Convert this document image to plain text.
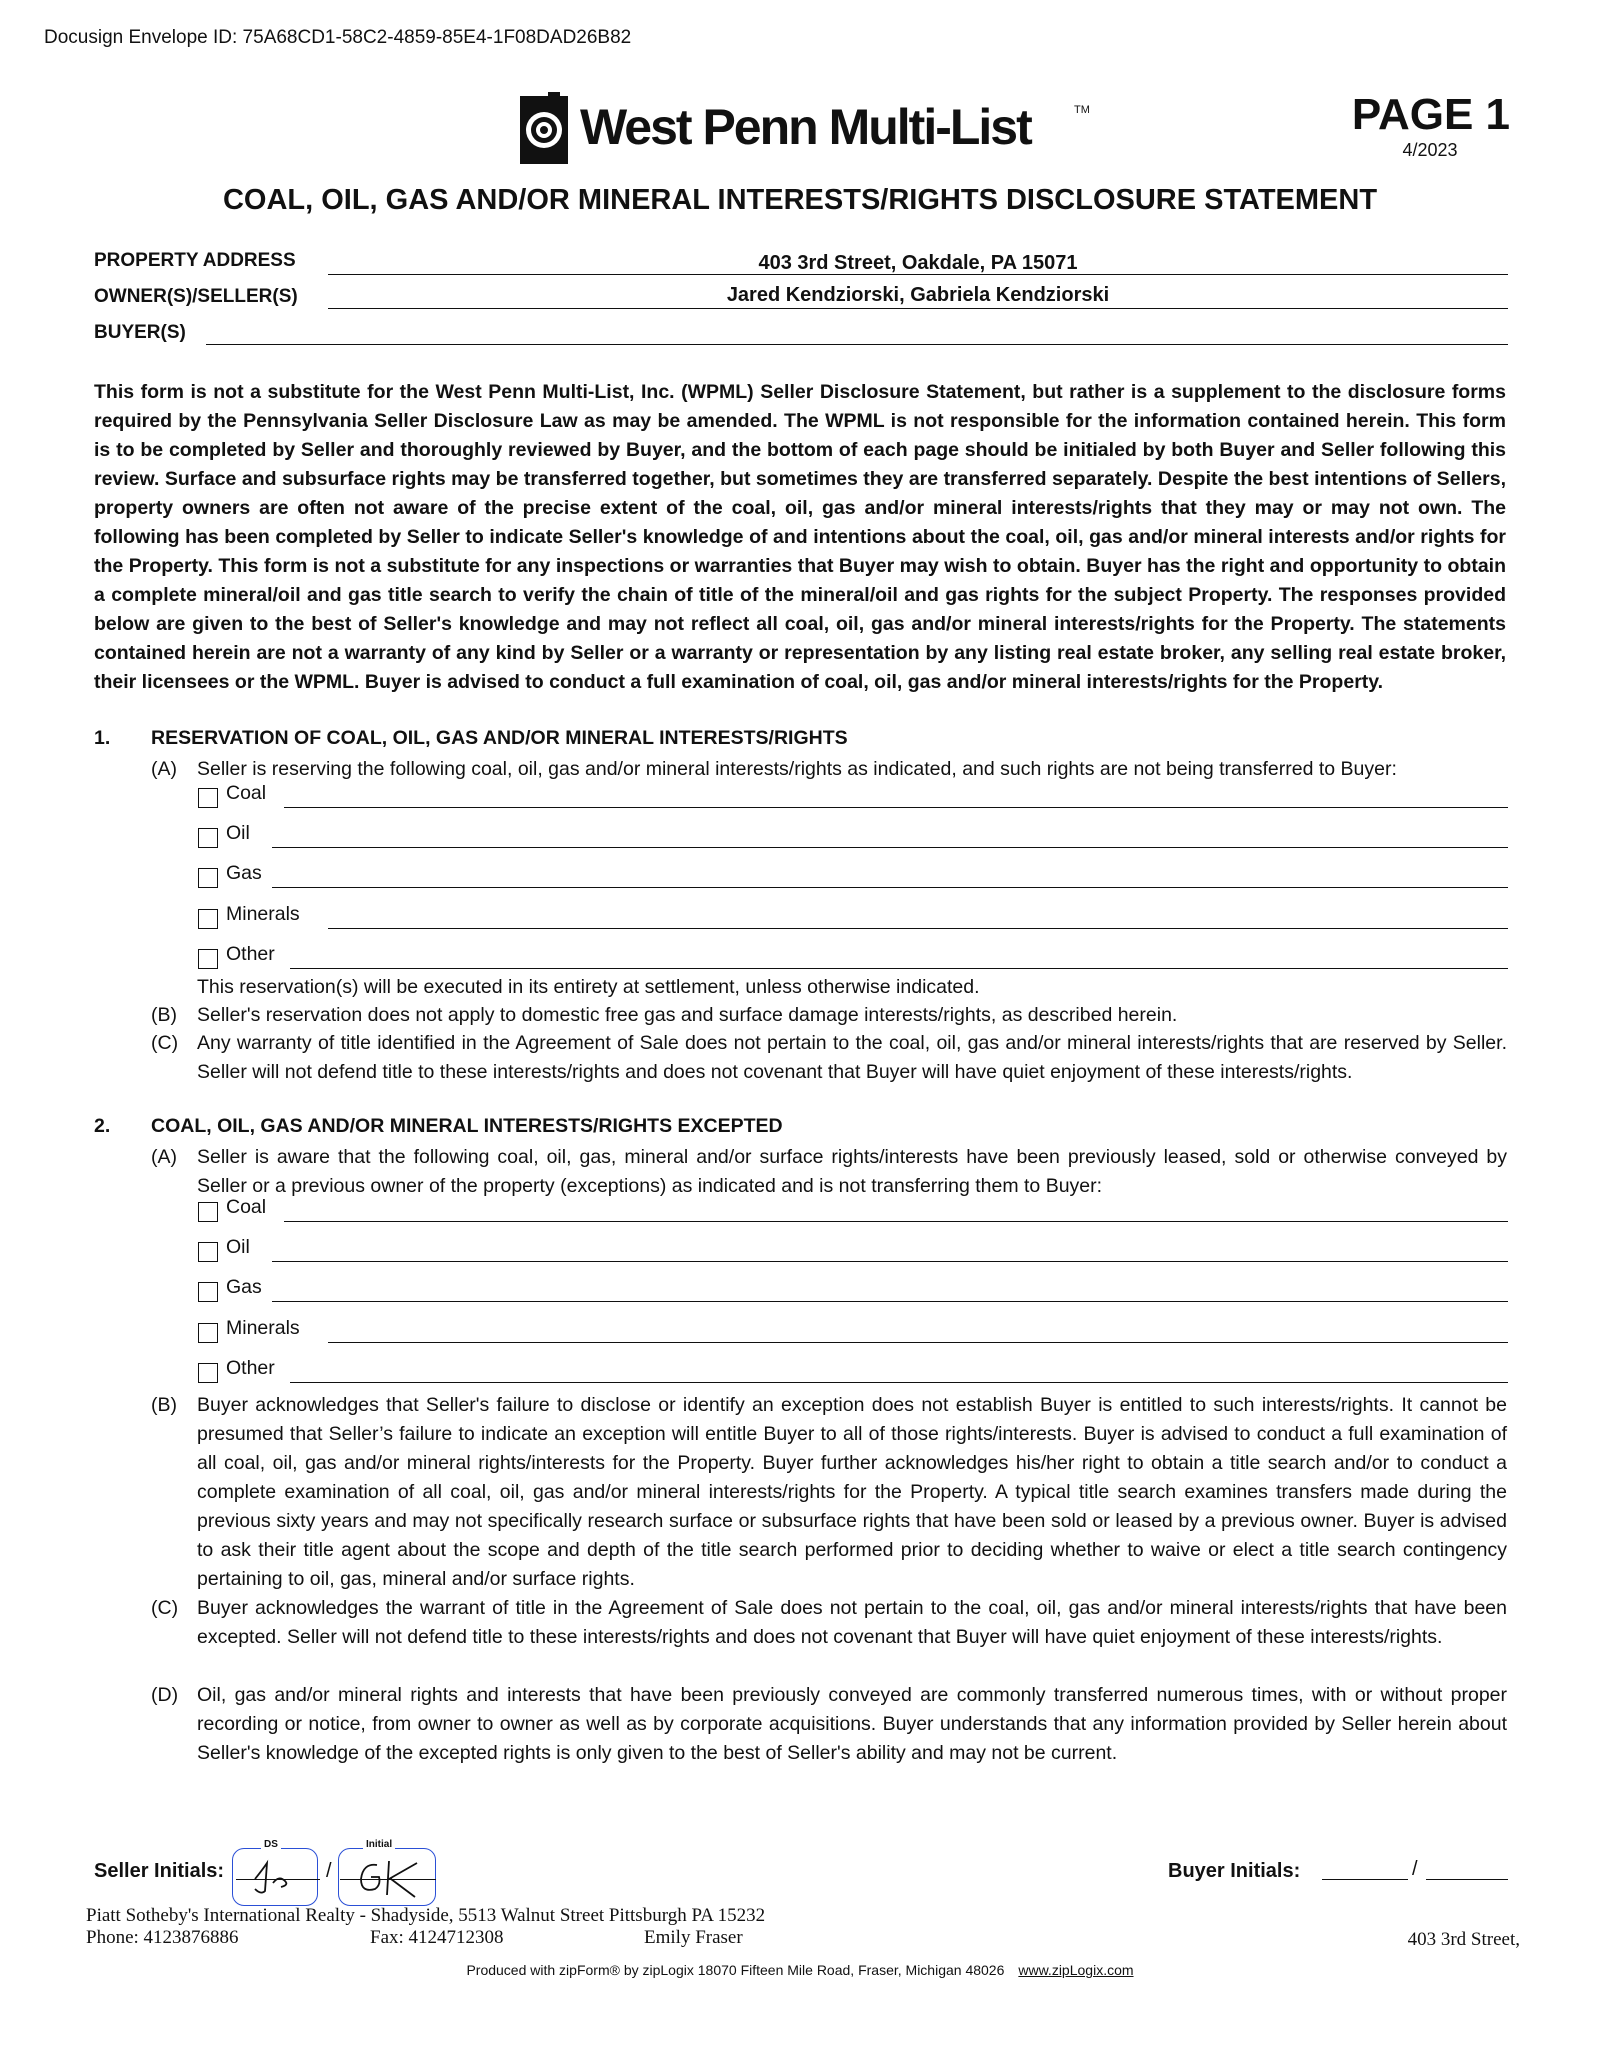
Docusign Envelope ID: 75A68CD1-58C2-4859-85E4-1F08DAD26B82
West Penn Multi-List	TM	PAGE 1
4/2023
COAL, OIL, GAS AND/OR MINERAL INTERESTS/RIGHTS DISCLOSURE STATEMENT
PROPERTY ADDRESS	403 3rd Street, Oakdale, PA 15071
OWNER(S)/SELLER(S)	Jared Kendziorski, Gabriela Kendziorski
BUYER(S)
This form is not a substitute for the West Penn Multi-List, Inc. (WPML) Seller Disclosure Statement, but rather is a supplement to the disclosure forms required by the Pennsylvania Seller Disclosure Law as may be amended. The WPML is not responsible for the information contained herein. This form is to be completed by Seller and thoroughly reviewed by Buyer, and the bottom of each page should be initialed by both Buyer and Seller following this review. Surface and subsurface rights may be transferred together, but sometimes they are transferred separately. Despite the best intentions of Sellers, property owners are often not aware of the precise extent of the coal, oil, gas and/or mineral interests/rights that they may or may not own. The following has been completed by Seller to indicate Seller's knowledge of and intentions about the coal, oil, gas and/or mineral interests and/or rights for the Property. This form is not a substitute for any inspections or warranties that Buyer may wish to obtain. Buyer has the right and opportunity to obtain a complete mineral/oil and gas title search to verify the chain of title of the mineral/oil and gas rights for the subject Property. The responses provided below are given to the best of Seller's knowledge and may not reflect all coal, oil, gas and/or mineral interests/rights for the Property. The statements contained herein are not a warranty of any kind by Seller or a warranty or representation by any listing real estate broker, any selling real estate broker, their licensees or the WPML. Buyer is advised to conduct a full examination of coal, oil, gas and/or mineral interests/rights for the Property.
1. RESERVATION OF COAL, OIL, GAS AND/OR MINERAL INTERESTS/RIGHTS
(A) Seller is reserving the following coal, oil, gas and/or mineral interests/rights as indicated, and such rights are not being transferred to Buyer:
Coal
Oil
Gas
Minerals
Other
This reservation(s) will be executed in its entirety at settlement, unless otherwise indicated.
(B) Seller's reservation does not apply to domestic free gas and surface damage interests/rights, as described herein.
(C) Any warranty of title identified in the Agreement of Sale does not pertain to the coal, oil, gas and/or mineral interests/rights that are reserved by Seller. Seller will not defend title to these interests/rights and does not covenant that Buyer will have quiet enjoyment of these interests/rights.
2. COAL, OIL, GAS AND/OR MINERAL INTERESTS/RIGHTS EXCEPTED
(A) Seller is aware that the following coal, oil, gas, mineral and/or surface rights/interests have been previously leased, sold or otherwise conveyed by Seller or a previous owner of the property (exceptions) as indicated and is not transferring them to Buyer:
Coal
Oil
Gas
Minerals
Other
(B) Buyer acknowledges that Seller's failure to disclose or identify an exception does not establish Buyer is entitled to such interests/rights. It cannot be presumed that Seller’s failure to indicate an exception will entitle Buyer to all of those rights/interests. Buyer is advised to conduct a full examination of all coal, oil, gas and/or mineral rights/interests for the Property. Buyer further acknowledges his/her right to obtain a title search and/or to conduct a complete examination of all coal, oil, gas and/or mineral interests/rights for the Property. A typical title search examines transfers made during the previous sixty years and may not specifically research surface or subsurface rights that have been sold or leased by a previous owner. Buyer is advised to ask their title agent about the scope and depth of the title search performed prior to deciding whether to waive or elect a title search contingency pertaining to oil, gas, mineral and/or surface rights.
(C) Buyer acknowledges the warrant of title in the Agreement of Sale does not pertain to the coal, oil, gas and/or mineral interests/rights that have been excepted. Seller will not defend title to these interests/rights and does not covenant that Buyer will have quiet enjoyment of these interests/rights.
(D) Oil, gas and/or mineral rights and interests that have been previously conveyed are commonly transferred numerous times, with or without proper recording or notice, from owner to owner as well as by corporate acquisitions. Buyer understands that any information provided by Seller herein about Seller's knowledge of the excepted rights is only given to the best of Seller's ability and may not be current.
Seller Initials:
DS
/
Initial
Buyer Initials:	/
Piatt Sotheby's International Realty - Shadyside, 5513 Walnut Street Pittsburgh PA 15232
Phone: 4123876886	Fax: 4124712308	Emily Fraser	403 3rd Street,
Produced with zipForm® by zipLogix 18070 Fifteen Mile Road, Fraser, Michigan 48026 www.zipLogix.com
